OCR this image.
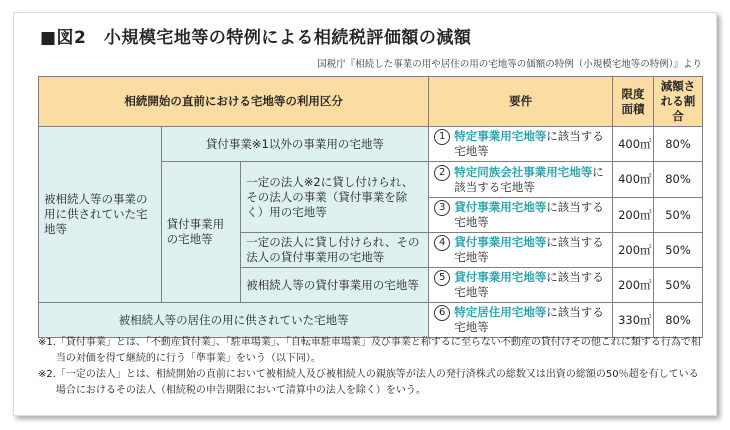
■図2　小規模宅地等の特例による相続税評価額の減額
国税庁『相続した事業の用や居住の用の宅地等の価額の特例（小規模宅地等の特例）』より
相続開始の直前における宅地等の利用区分			要件	限度面積	減額される割合
被相続人等の事業の用に供されていた宅地等	貸付事業※1以外の事業用の宅地等		1 特定事業用宅地等に該当する宅地等	400㎡	80%
	貸付事業用の宅地等	一定の法人※2に貸し付けられ、その法人の事業（貸付事業を除く）用の宅地等	2 特定同族会社事業用宅地等に該当する宅地等	400㎡	80%

			3 貸付事業用宅地等に該当する宅地等	200㎡	50%
		一定の法人に貸し付けられ、その法人の貸付事業用の宅地等	4 貸付事業用宅地等に該当する宅地等	200㎡	50%
		被相続人等の貸付事業用の宅地等	5 貸付事業用宅地等に該当する宅地等	200㎡	50%
被相続人等の居住の用に供されていた宅地等			6 特定居住用宅地等に該当する宅地等	330㎡	80%
※1. 「貸付事業」とは、「不動産貸付業」、「駐車場業」、「自転車駐車場業」及び事業と称するに至らない不動産の貸付けその他これに類する行為で相当の対価を得て継続的に行う「準事業」をいう（以下同）。
※2. 「一定の法人」とは、相続開始の直前において被相続人及び被相続人の親族等が法人の発行済株式の総数又は出資の総額の50％超を有している場合におけるその法人（相続税の申告期限において清算中の法人を除く）をいう。
